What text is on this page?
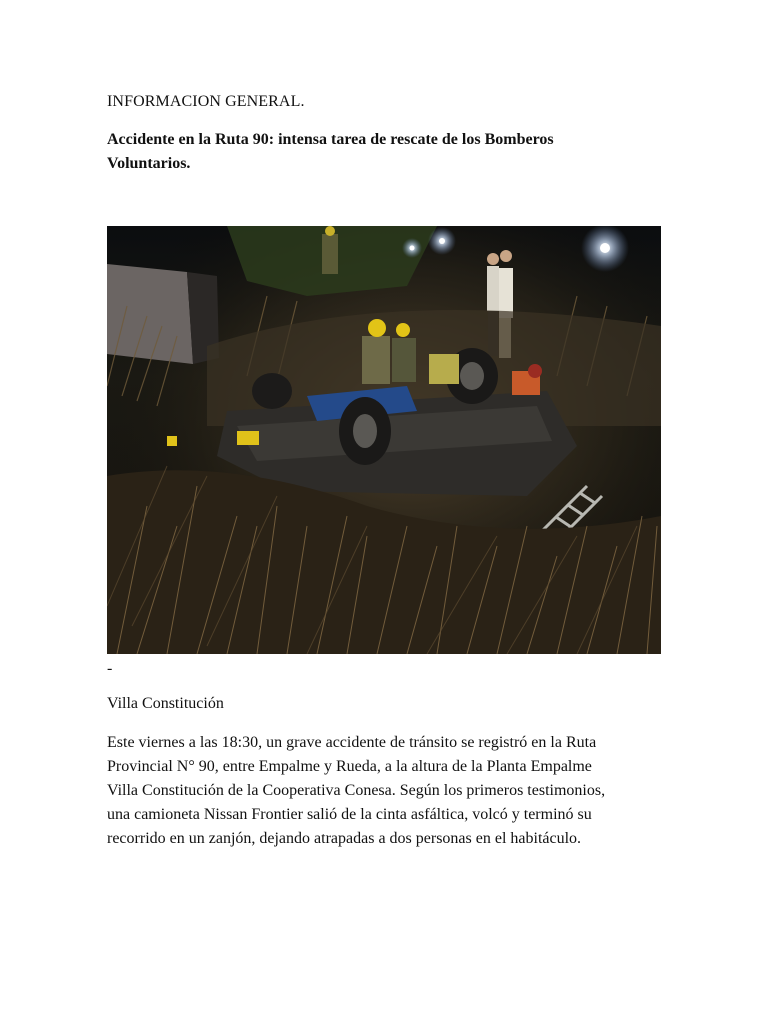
INFORMACION GENERAL.
Accidente en la Ruta 90: intensa tarea de rescate de los Bomberos
Voluntarios.
-
Villa Constitución
Este viernes a las 18:30, un grave accidente de tránsito se registró en la Ruta
Provincial N° 90, entre Empalme y Rueda, a la altura de la Planta Empalme
Villa Constitución de la Cooperativa Conesa. Según los primeros testimonios,
una camioneta Nissan Frontier salió de la cinta asfáltica, volcó y terminó su
recorrido en un zanjón, dejando atrapadas a dos personas en el habitáculo.
